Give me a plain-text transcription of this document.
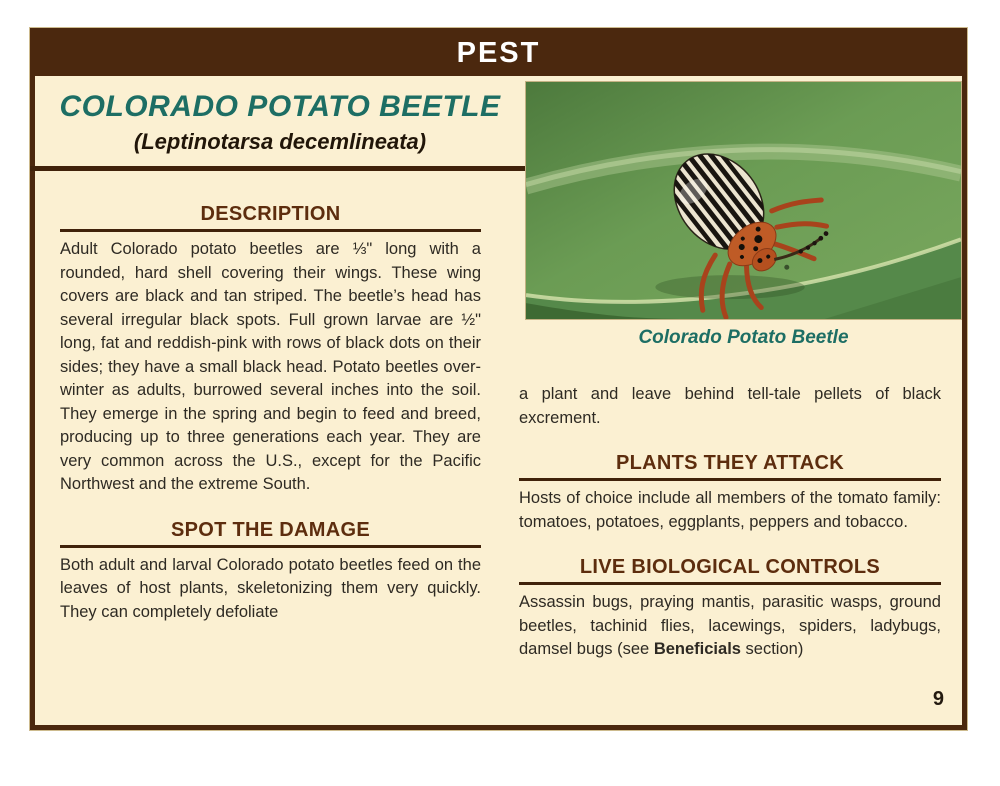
PEST
COLORADO POTATO BEETLE
(Leptinotarsa decemlineata)
Colorado Potato Beetle
DESCRIPTION

Adult Colorado potato beetles are ⅓" long with a rounded, hard shell covering their wings. These wing covers are black and tan striped. The beetle’s head has several irregular black spots. Full grown larvae are ½" long, fat and reddish-pink with rows of black dots on their sides; they have a small black head. Potato beetles over-winter as adults, burrowed several inches into the soil. They emerge in the spring and begin to feed and breed, producing up to three generations each year. They are very common across the U.S., except for the Pacific Northwest and the extreme South.

SPOT THE DAMAGE

Both adult and larval Colorado potato beetles feed on the leaves of host plants, skeletonizing them very quickly. They can completely defoliate

a plant and leave behind tell-tale pellets of black excrement.

PLANTS THEY ATTACK

Hosts of choice include all members of the tomato family: tomatoes, potatoes, eggplants, peppers and tobacco.

LIVE BIOLOGICAL CONTROLS

Assassin bugs, praying mantis, parasitic wasps, ground beetles, tachinid flies, lacewings, spiders, ladybugs, damsel bugs (see Beneficials section)

9
